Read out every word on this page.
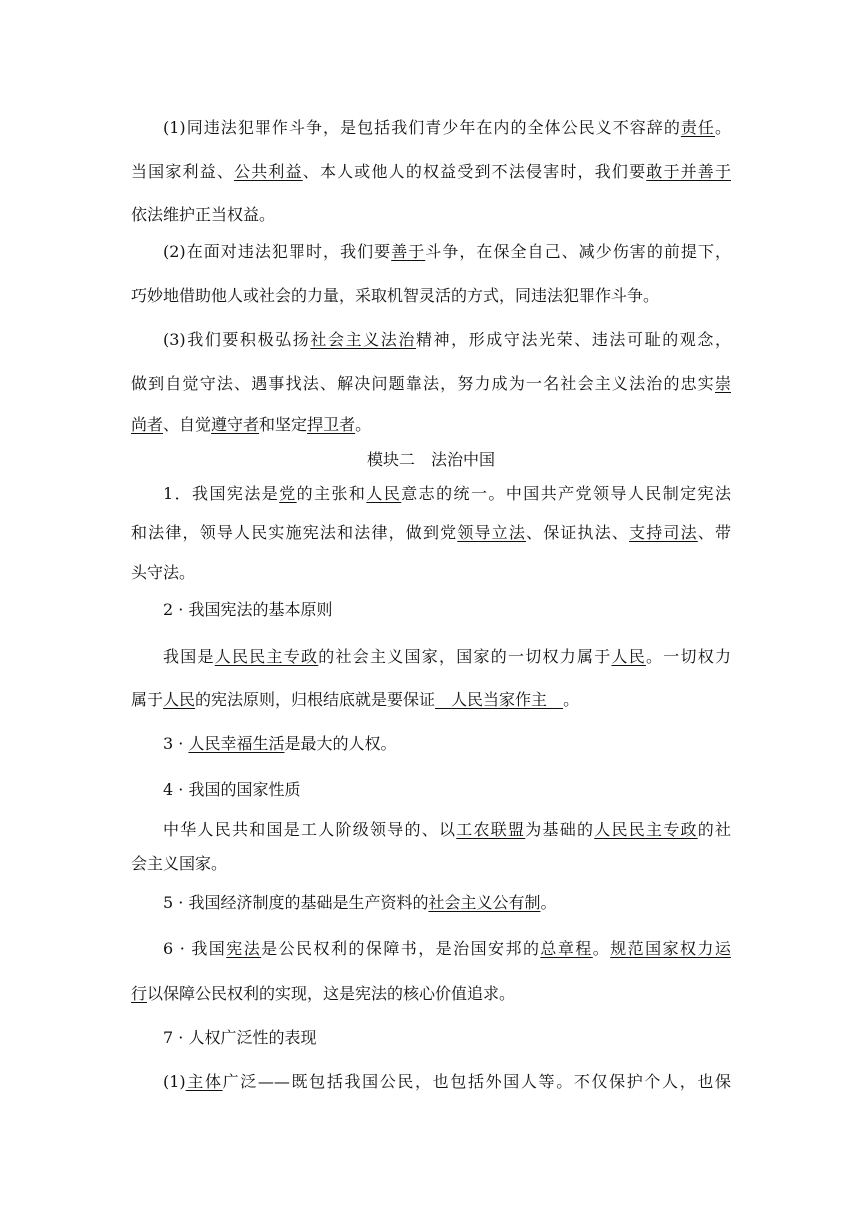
(1)同违法犯罪作斗争，是包括我们青少年在内的全体公民义不容辞的责任。
当国家利益、公共利益、本人或他人的权益受到不法侵害时，我们要敢于并善于
依法维护正当权益。
(2)在面对违法犯罪时，我们要善于斗争，在保全自己、减少伤害的前提下，
巧妙地借助他人或社会的力量，采取机智灵活的方式，同违法犯罪作斗争。
(3)我们要积极弘扬社会主义法治精神，形成守法光荣、违法可耻的观念，
做到自觉守法、遇事找法、解决问题靠法，努力成为一名社会主义法治的忠实崇
尚者、自觉遵守者和坚定捍卫者。
模块二　法治中国
1．我国宪法是党的主张和人民意志的统一。中国共产党领导人民制定宪法
和法律，领导人民实施宪法和法律，做到党领导立法、保证执法、支持司法、带
头守法。
2 · 我国宪法的基本原则
我国是人民民主专政的社会主义国家，国家的一切权力属于人民。一切权力
属于人民的宪法原则，归根结底就是要保证　人民当家作主　。
3 · 人民幸福生活是最大的人权。
4 · 我国的国家性质
中华人民共和国是工人阶级领导的、以工农联盟为基础的人民民主专政的社
会主义国家。
5 · 我国经济制度的基础是生产资料的社会主义公有制。
6 · 我国宪法是公民权利的保障书，是治国安邦的总章程。规范国家权力运
行以保障公民权利的实现，这是宪法的核心价值追求。
7 · 人权广泛性的表现
(1)主体广泛——既包括我国公民，也包括外国人等。不仅保护个人，也保
